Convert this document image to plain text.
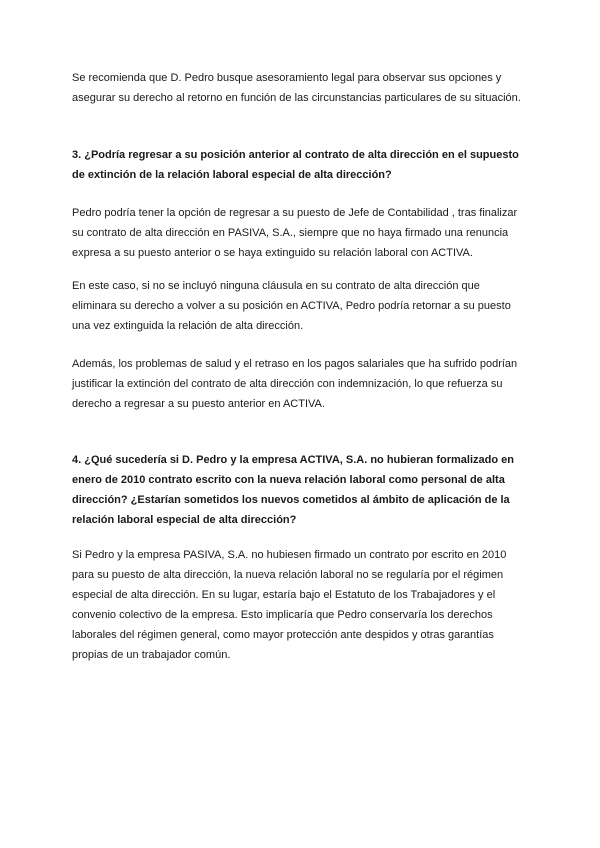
Se recomienda que D. Pedro busque asesoramiento legal para observar sus opciones y
asegurar su derecho al retorno en función de las circunstancias particulares de su situación.

3. ¿Podría regresar a su posición anterior al contrato de alta dirección en el supuesto
de extinción de la relación laboral especial de alta dirección?

Pedro podría tener la opción de regresar a su puesto de Jefe de Contabilidad , tras finalizar
su contrato de alta dirección en PASIVA, S.A., siempre que no haya firmado una renuncia
expresa a su puesto anterior o se haya extinguido su relación laboral con ACTIVA.

En este caso, si no se incluyó ninguna cláusula en su contrato de alta dirección que
eliminara su derecho a volver a su posición en ACTIVA, Pedro podría retornar a su puesto
una vez extinguida la relación de alta dirección.

Además, los problemas de salud y el retraso en los pagos salariales que ha sufrido podrían
justificar la extinción del contrato de alta dirección con indemnización, lo que refuerza su
derecho a regresar a su puesto anterior en ACTIVA.

4. ¿Qué sucedería si D. Pedro y la empresa ACTIVA, S.A. no hubieran formalizado en
enero de 2010 contrato escrito con la nueva relación laboral como personal de alta
dirección? ¿Estarían sometidos los nuevos cometidos al ámbito de aplicación de la
relación laboral especial de alta dirección?

Si Pedro y la empresa PASIVA, S.A. no hubiesen firmado un contrato por escrito en 2010
para su puesto de alta dirección, la nueva relación laboral no se regularía por el régimen
especial de alta dirección. En su lugar, estaría bajo el Estatuto de los Trabajadores y el
convenio colectivo de la empresa. Esto implicaría que Pedro conservaría los derechos
laborales del régimen general, como mayor protección ante despidos y otras garantías
propias de un trabajador común.
